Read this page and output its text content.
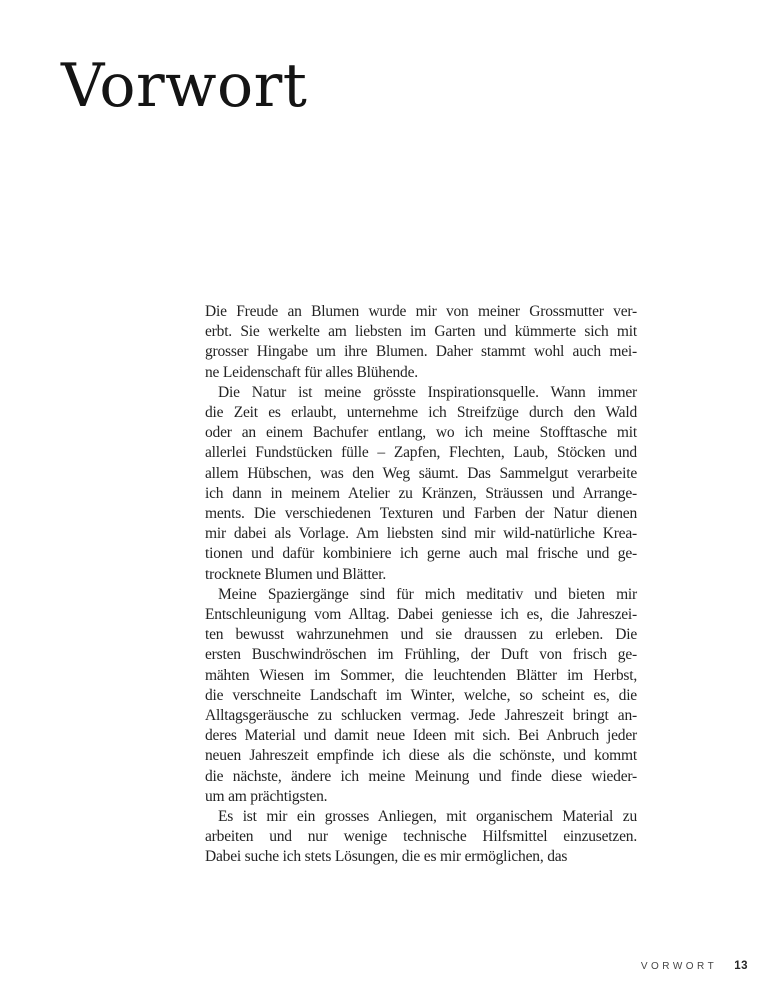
Vorwort
Die Freude an Blumen wurde mir von meiner Grossmutter ver-
erbt. Sie werkelte am liebsten im Garten und kümmerte sich mit
grosser Hingabe um ihre Blumen. Daher stammt wohl auch mei-
ne Leidenschaft für alles Blühende.
Die Natur ist meine grösste Inspirationsquelle. Wann immer
die Zeit es erlaubt, unternehme ich Streifzüge durch den Wald
oder an einem Bachufer entlang, wo ich meine Stofftasche mit
allerlei Fundstücken fülle – Zapfen, Flechten, Laub, Stöcken und
allem Hübschen, was den Weg säumt. Das Sammelgut verarbeite
ich dann in meinem Atelier zu Kränzen, Sträussen und Arrange-
ments. Die verschiedenen Texturen und Farben der Natur dienen
mir dabei als Vorlage. Am liebsten sind mir wild-natürliche Krea-
tionen und dafür kombiniere ich gerne auch mal frische und ge-
trocknete Blumen und Blätter.
Meine Spaziergänge sind für mich meditativ und bieten mir
Entschleunigung vom Alltag. Dabei geniesse ich es, die Jahreszei-
ten bewusst wahrzunehmen und sie draussen zu erleben. Die
ersten Buschwindröschen im Frühling, der Duft von frisch ge-
mähten Wiesen im Sommer, die leuchtenden Blätter im Herbst,
die verschneite Landschaft im Winter, welche, so scheint es, die
Alltagsgeräusche zu schlucken vermag. Jede Jahreszeit bringt an-
deres Material und damit neue Ideen mit sich. Bei Anbruch jeder
neuen Jahreszeit empfinde ich diese als die schönste, und kommt
die nächste, ändere ich meine Meinung und finde diese wieder-
um am prächtigsten.
Es ist mir ein grosses Anliegen, mit organischem Material zu
arbeiten und nur wenige technische Hilfsmittel einzusetzen.
Dabei suche ich stets Lösungen, die es mir ermöglichen, das
VORWORT 13
